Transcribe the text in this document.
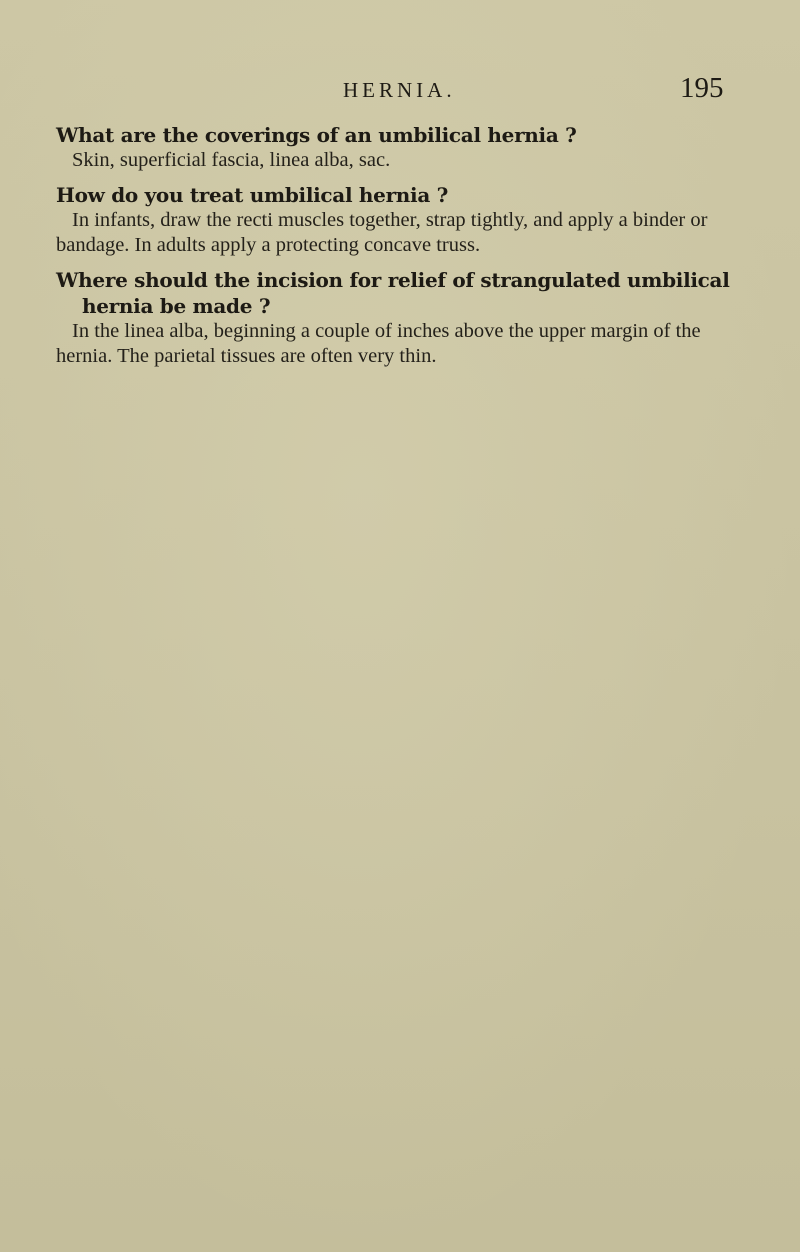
HERNIA.	195

What are the coverings of an umbilical hernia ?

Skin, superficial fascia, linea alba, sac.

How do you treat umbilical hernia ?

In infants, draw the recti muscles together, strap tightly, and apply a binder or bandage. In adults apply a protecting concave truss.

Where should the incision for relief of strangulated umbilical hernia be made ?

In the linea alba, beginning a couple of inches above the upper margin of the hernia. The parietal tissues are often very thin.
